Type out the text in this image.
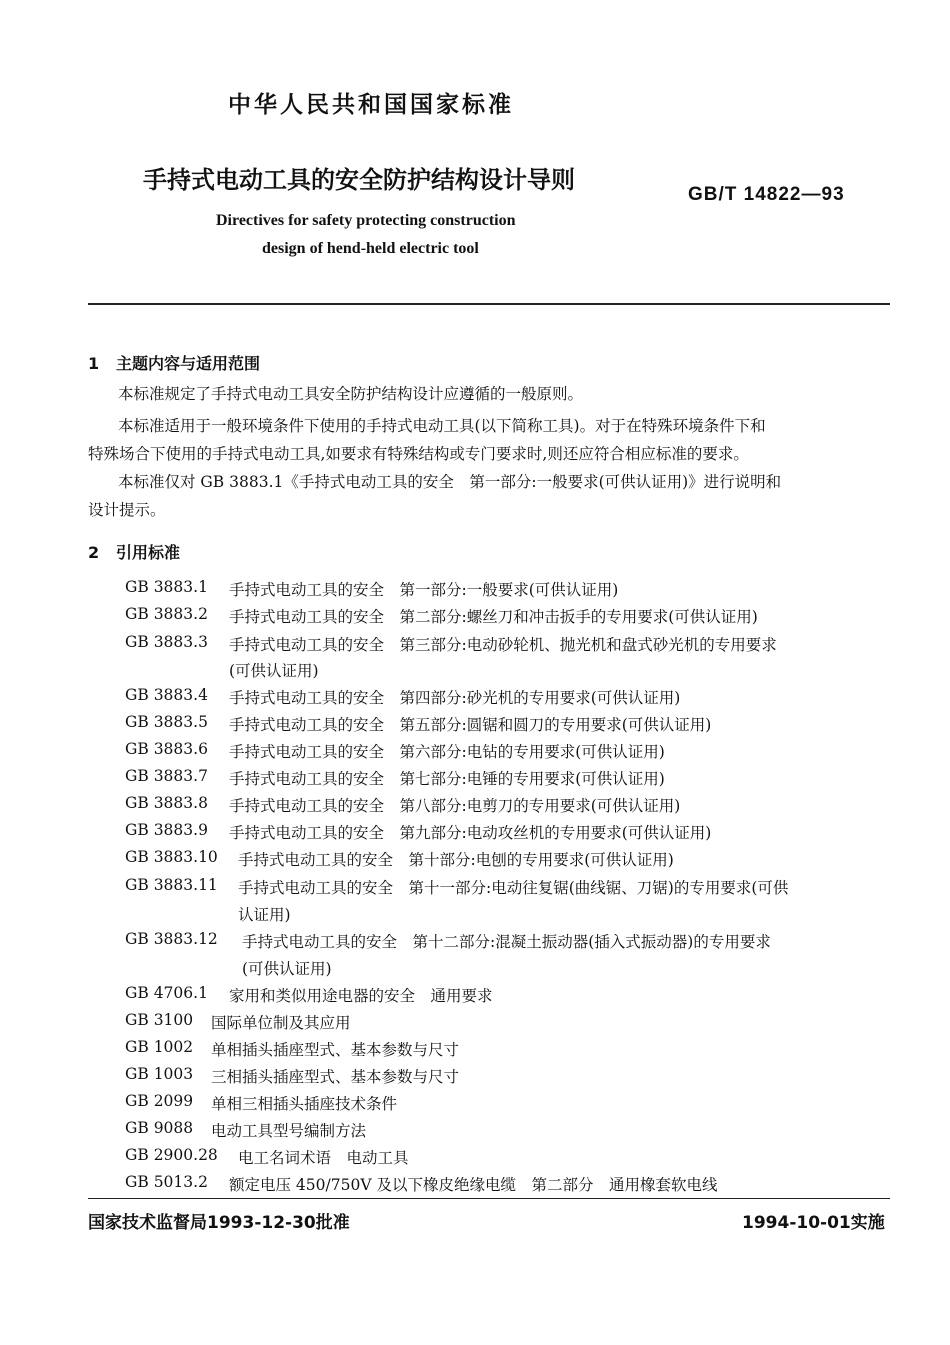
中华人民共和国国家标准
手持式电动工具的安全防护结构设计导则
GB/T 14822—93
Directives for safety protecting construction
design of hend-held electric tool
1 主题内容与适用范围
本标准规定了手持式电动工具安全防护结构设计应遵循的一般原则。
本标准适用于一般环境条件下使用的手持式电动工具(以下简称工具)。对于在特殊环境条件下和
特殊场合下使用的手持式电动工具,如要求有特殊结构或专门要求时,则还应符合相应标准的要求。
本标准仅对 GB 3883.1《手持式电动工具的安全　第一部分:一般要求(可供认证用)》进行说明和
设计提示。
2 引用标准
GB 3883.1 手持式电动工具的安全　第一部分:一般要求(可供认证用)
GB 3883.2 手持式电动工具的安全　第二部分:螺丝刀和冲击扳手的专用要求(可供认证用)
GB 3883.3 手持式电动工具的安全　第三部分:电动砂轮机、抛光机和盘式砂光机的专用要求
(可供认证用)
GB 3883.4 手持式电动工具的安全　第四部分:砂光机的专用要求(可供认证用)
GB 3883.5 手持式电动工具的安全　第五部分:圆锯和圆刀的专用要求(可供认证用)
GB 3883.6 手持式电动工具的安全　第六部分:电钻的专用要求(可供认证用)
GB 3883.7 手持式电动工具的安全　第七部分:电锤的专用要求(可供认证用)
GB 3883.8 手持式电动工具的安全　第八部分:电剪刀的专用要求(可供认证用)
GB 3883.9 手持式电动工具的安全　第九部分:电动攻丝机的专用要求(可供认证用)
GB 3883.10 手持式电动工具的安全　第十部分:电刨的专用要求(可供认证用)
GB 3883.11 手持式电动工具的安全　第十一部分:电动往复锯(曲线锯、刀锯)的专用要求(可供
认证用)
GB 3883.12 手持式电动工具的安全　第十二部分:混凝土振动器(插入式振动器)的专用要求
(可供认证用)
GB 4706.1 家用和类似用途电器的安全　通用要求
GB 3100 国际单位制及其应用
GB 1002 单相插头插座型式、基本参数与尺寸
GB 1003 三相插头插座型式、基本参数与尺寸
GB 2099 单相三相插头插座技术条件
GB 9088 电动工具型号编制方法
GB 2900.28 电工名词术语　电动工具
GB 5013.2 额定电压 450/750V 及以下橡皮绝缘电缆　第二部分　通用橡套软电线
国家技术监督局1993-12-30批准	1994-10-01实施
